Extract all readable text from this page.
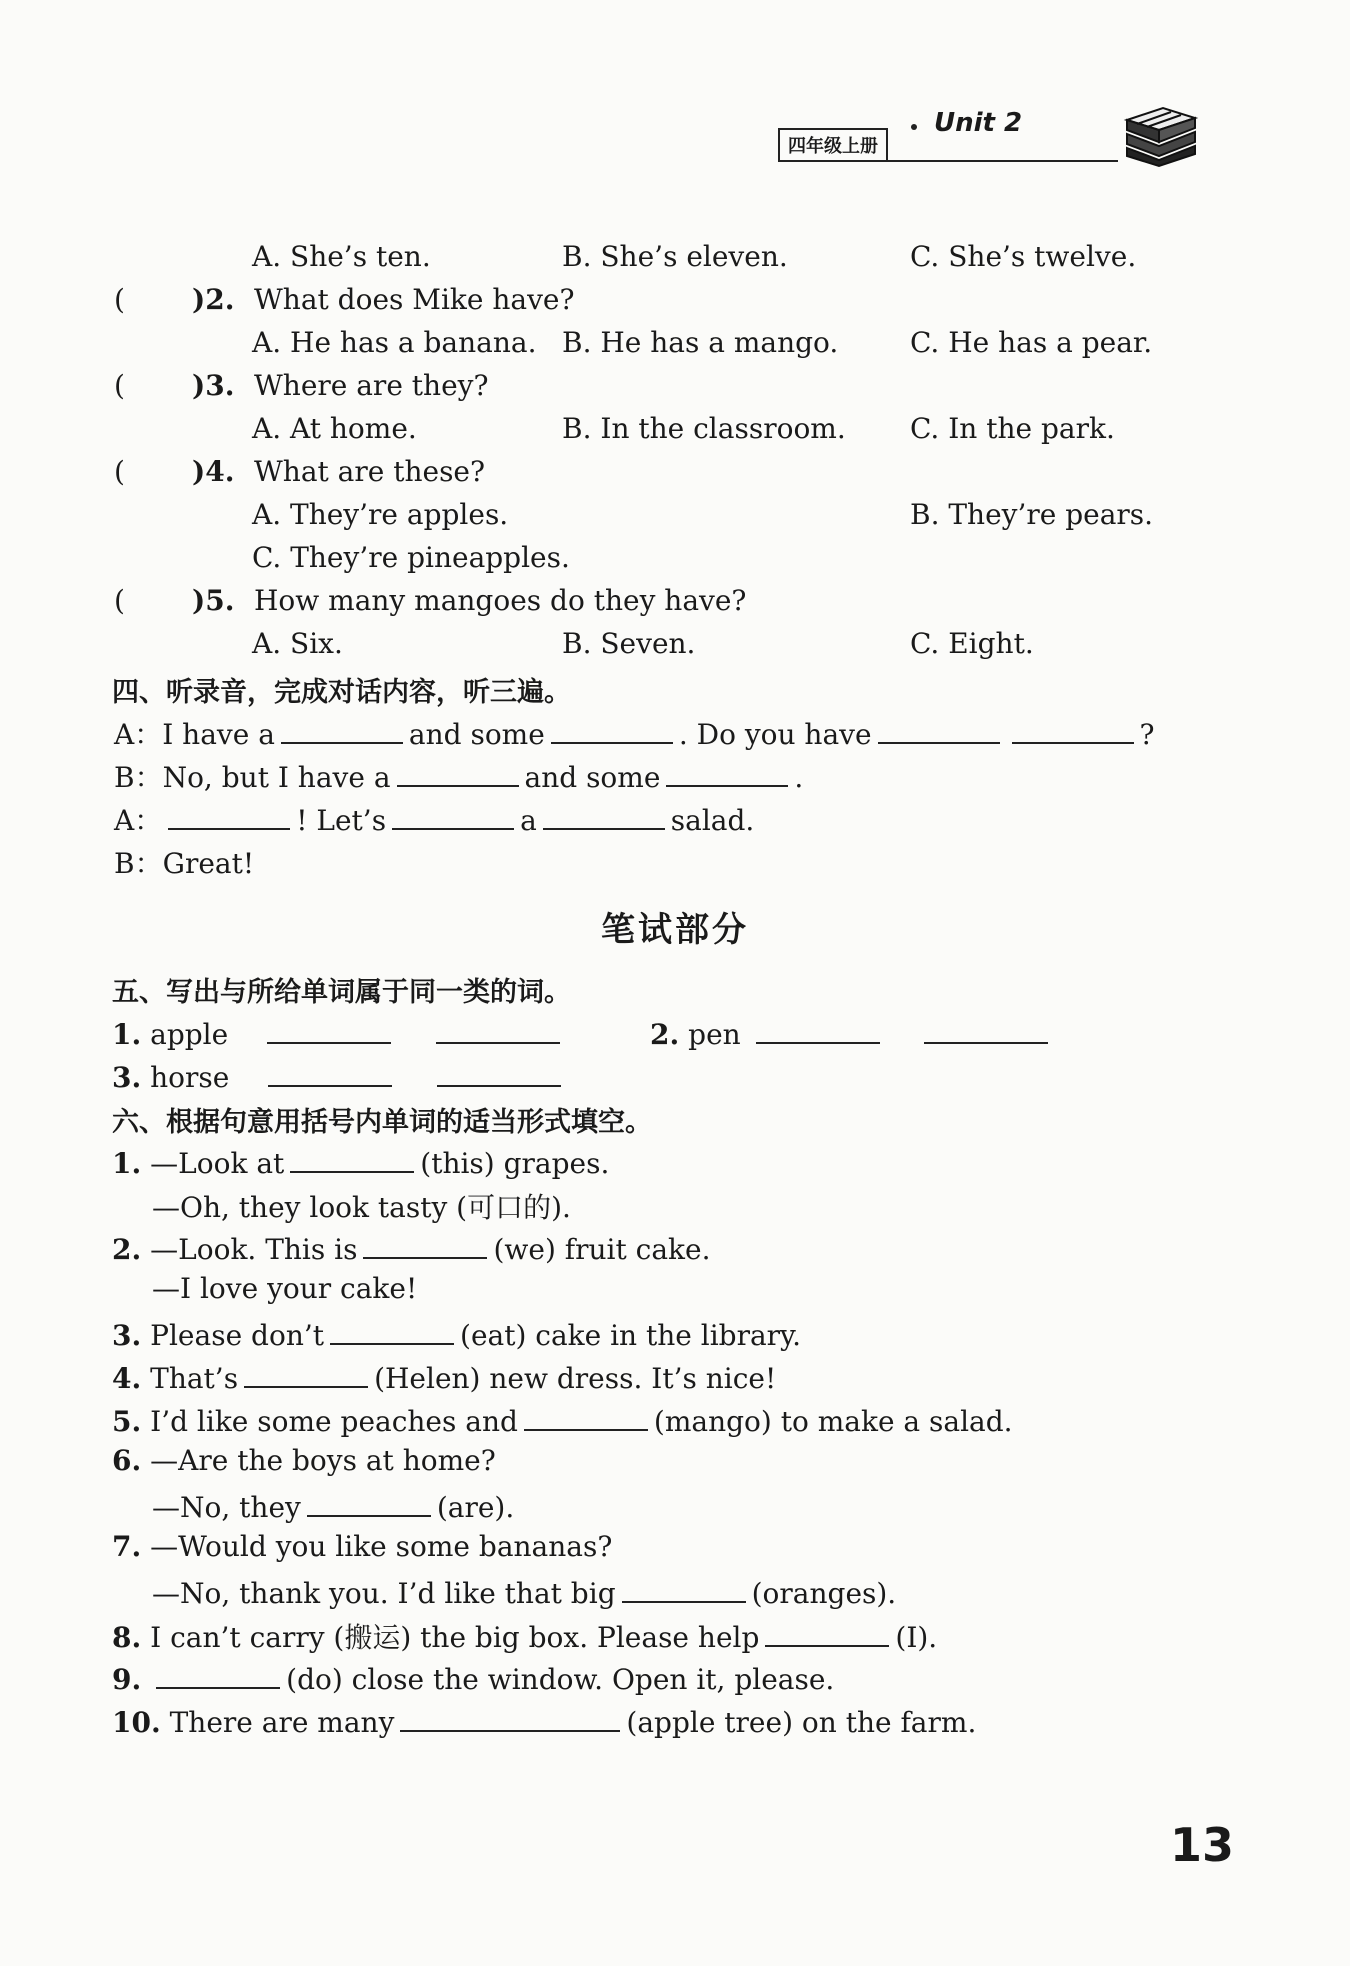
Unit 2
四年级上册
A. She’s ten.	B. She’s eleven.	C. She’s twelve.
( )2. What does Mike have?
A. He has a banana. B. He has a mango.	C. He has a pear.
( )3. Where are they?
A. At home.	B. In the classroom. C. In the park.
( )4. What are these?
A. They’re apples.	B. They’re pears.
C. They’re pineapples.
( )5. How many mangoes do they have?
A. Six.	B. Seven.	C. Eight.
四、听录音，完成对话内容，听三遍。
A：I have a	and some	. Do you have	?
B：No, but I have a	and some	.
A：	! Let’s	a	salad.
B：Great!
笔试部分
五、写出与所给单词属于同一类的词。
1. apple	2. pen
3. horse
六、根据句意用括号内单词的适当形式填空。
1. —Look at	(this) grapes.
—Oh, they look tasty (可口的).
2. —Look. This is	(we) fruit cake.
—I love your cake!
3. Please don’t	(eat) cake in the library.
4. That’s	(Helen) new dress. It’s nice!
5. I’d like some peaches and	(mango) to make a salad.
6. —Are the boys at home?
—No, they	(are).
7. —Would you like some bananas?
—No, thank you. I’d like that big	(oranges).
8. I can’t carry (搬运) the big box. Please help	(I).
9.	(do) close the window. Open it, please.
10. There are many	(apple tree) on the farm.
13
